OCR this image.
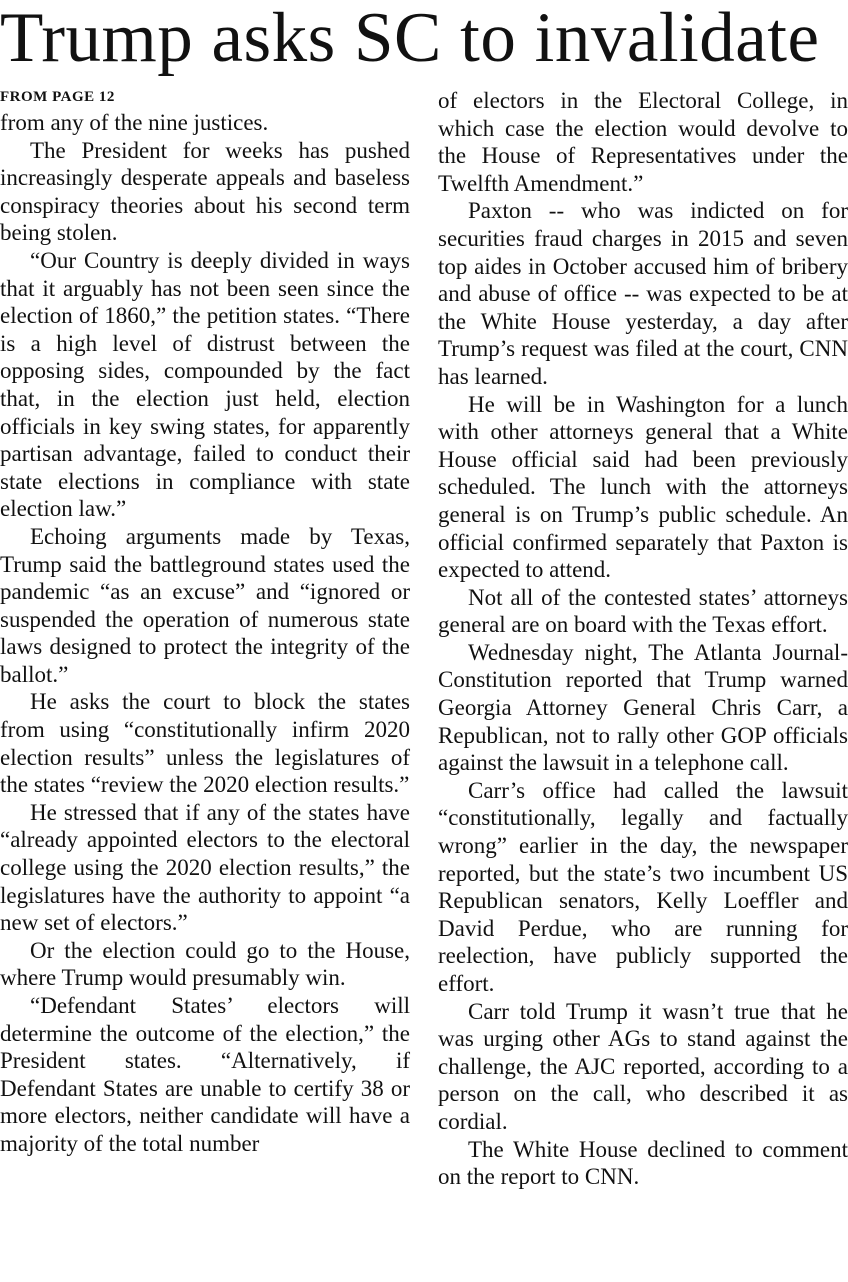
Trump asks SC to invalidate
FROM PAGE 12

from any of the nine justices.

The President for weeks has pushed increasingly desperate appeals and baseless conspiracy theories about his second term being stolen.

“Our Country is deeply divided in ways that it arguably has not been seen since the election of 1860,” the petition states. “There is a high level of distrust between the opposing sides, compounded by the fact that, in the election just held, election officials in key swing states, for apparently partisan advantage, failed to conduct their state elections in compliance with state election law.”

Echoing arguments made by Texas, Trump said the battleground states used the pandemic “as an excuse” and “ignored or suspended the operation of numerous state laws designed to protect the integrity of the ballot.”

He asks the court to block the states from using “constitutionally infirm 2020 election results” unless the legislatures of the states “review the 2020 election results.”

He stressed that if any of the states have “already appointed electors to the electoral college using the 2020 election results,” the legislatures have the authority to appoint “a new set of electors.”

Or the election could go to the House, where Trump would presumably win.

“Defendant States’ electors will determine the outcome of the election,” the President states. “Alternatively, if Defendant States are unable to certify 38 or more electors, neither candidate will have a majority of the total number

of electors in the Electoral College, in which case the election would devolve to the House of Representatives under the Twelfth Amendment.”

Paxton -- who was indicted on for securities fraud charges in 2015 and seven top aides in October accused him of bribery and abuse of office -- was expected to be at the White House yesterday, a day after Trump’s request was filed at the court, CNN has learned.

He will be in Washington for a lunch with other attorneys general that a White House official said had been previously scheduled. The lunch with the attorneys general is on Trump’s public schedule. An official confirmed separately that Paxton is expected to attend.

Not all of the contested states’ attorneys general are on board with the Texas effort.

Wednesday night, The Atlanta Journal-Constitution reported that Trump warned Georgia Attorney General Chris Carr, a Republican, not to rally other GOP officials against the lawsuit in a telephone call.

Carr’s office had called the lawsuit “constitutionally, legally and factually wrong” earlier in the day, the newspaper reported, but the state’s two incumbent US Republican senators, Kelly Loeffler and David Perdue, who are running for reelection, have publicly supported the effort.

Carr told Trump it wasn’t true that he was urging other AGs to stand against the challenge, the AJC reported, according to a person on the call, who described it as cordial.

The White House declined to comment on the report to CNN.
